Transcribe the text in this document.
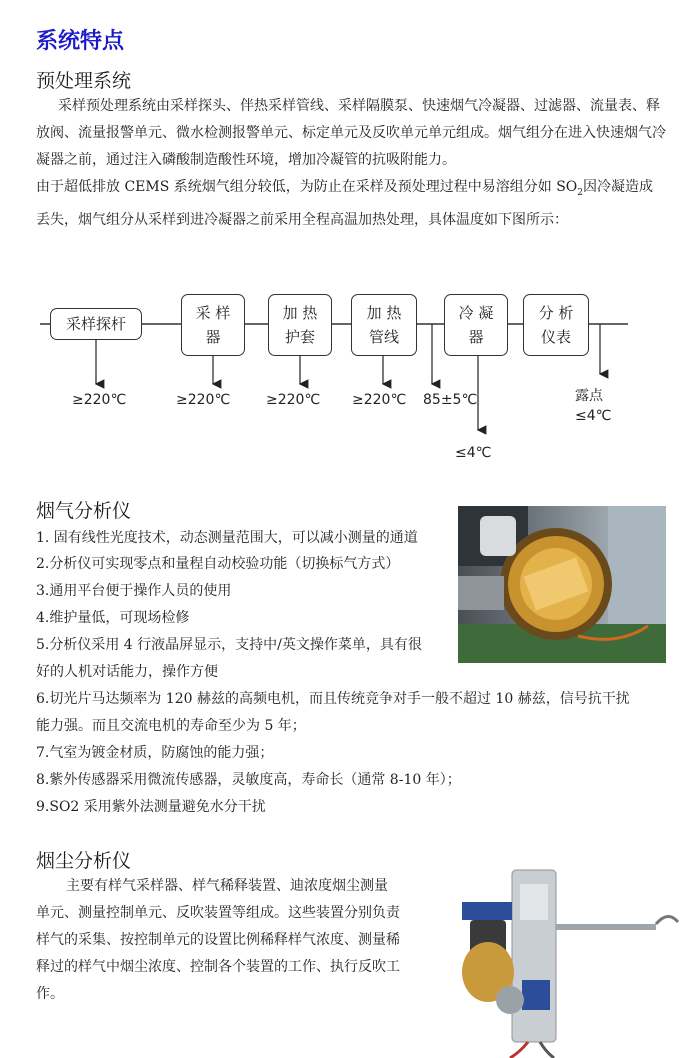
系统特点
预处理系统
采样预处理系统由采样探头、伴热采样管线、采样隔膜泵、快速烟气冷凝器、过滤器、流量表、释放阀、流量报警单元、微水检测报警单元、标定单元及反吹单元单元组成。烟气组分在进入快速烟气冷凝器之前，通过注入磷酸制造酸性环境，增加冷凝管的抗吸附能力。
由于超低排放 CEMS 系统烟气组分较低，为防止在采样及预处理过程中易溶组分如 $SO_2$因冷凝造成丢失，烟气组分从采样到进冷凝器之前采用全程高温加热处理，具体温度如下图所示：
采样探杆
采 样 器
加 热 护套
加 热 管线
冷 凝 器
分 析 仪表
≥220℃	≥220℃	≥220℃ ≥220℃ 85±5℃
≤4℃
露点
≤4℃
烟气分析仪
1. 固有线性光度技术，动态测量范围大，可以减小测量的通道
2.分析仪可实现零点和量程自动校验功能（切换标气方式）
3.通用平台便于操作人员的使用
4.维护量低，可现场检修
5.分析仪采用 4 行液晶屏显示，支持中/英文操作菜单，具有很
好的人机对话能力，操作方便
6.切光片马达频率为 120 赫兹的高频电机，而且传统竞争对手一般不超过 10 赫兹，信号抗干扰
能力强。而且交流电机的寿命至少为 5 年；
7.气室为镀金材质，防腐蚀的能力强；
8.紫外传感器采用微流传感器，灵敏度高，寿命长（通常 8-10 年）；
9.SO2 采用紫外法测量避免水分干扰
烟尘分析仪
主要有样气采样器、样气稀释装置、迪浓度烟尘测量
单元、测量控制单元、反吹装置等组成。这些装置分别负责
样气的采集、按控制单元的设置比例稀释样气浓度、测量稀
释过的样气中烟尘浓度、控制各个装置的工作、执行反吹工
作。
